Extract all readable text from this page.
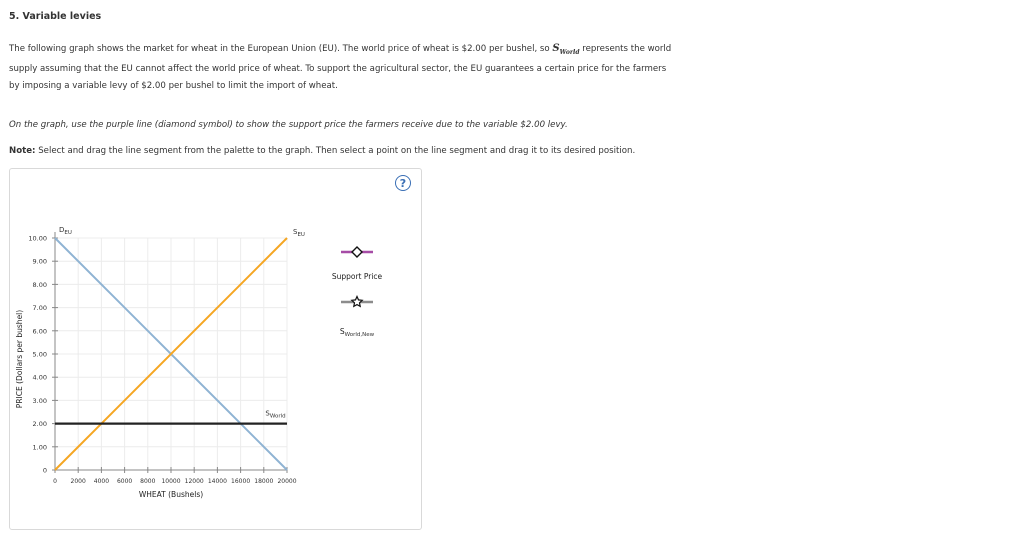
5. Variable levies
The following graph shows the market for wheat in the European Union (EU). The world price of wheat is $2.00 per bushel, so $S_{World}$ represents the world supply assuming that the EU cannot affect the world price of wheat. To support the agricultural sector, the EU guarantees a certain price for the farmers by imposing a variable levy of $2.00 per bushel to limit the import of wheat.
On the graph, use the purple line (diamond symbol) to show the support price the farmers receive due to the variable $2.00 levy.
Note: Select and drag the line segment from the palette to the graph. Then select a point on the line segment and drag it to its desired position.
?
0
1.00
2.00
3.00
4.00
5.00
6.00
7.00
8.00
9.00
10.00
0 2000 4000 6000 8000 10000 12000 14000 16000 18000 20000
$D_{EU}$	$S_{EU}$
$S_{World}$
WHEAT (Bushels)
PRICE (Dollars per bushel)
Support Price
$S_{World,New}$
